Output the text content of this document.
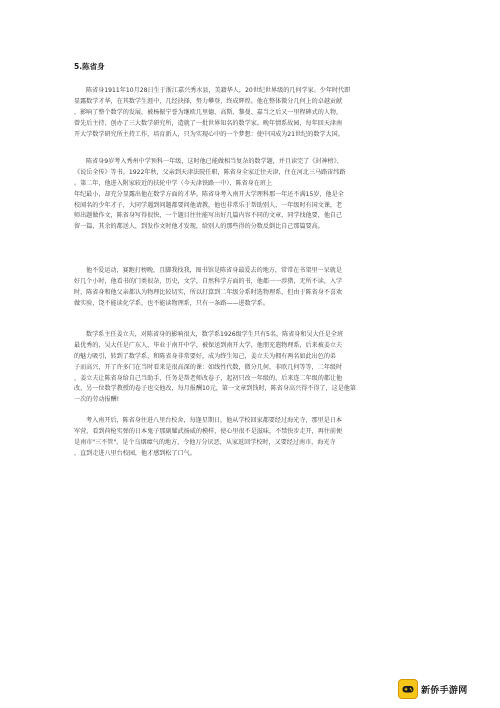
5.陈省身
陈省身1911年10月28日生于浙江嘉兴秀水县，美籍华人，20世纪世界级的几何学家。少年时代即
显露数学才华，在其数学生涯中，几经抉择，努力攀登，终成辉煌。他在整体微分几何上的卓越贡献
，影响了整个数学的发展，被杨振宁誉为继欧几里德、高斯、黎曼、嘉当之后又一里程碑式的人物，
曾先后主持、创办了三大数学研究所，造就了一批世界知名的数学家。晚年情系故园，每年回天津南
开大学数学研究所主持工作，培育新人，只为实现心中的一个梦想：使中国成为21世纪的数学大国。
陈省身9岁考入秀州中学预科一年级，这时他已能做相当复杂的数学题，并且读完了《封神榜》、
《说岳全传》等书。1922年秋，父亲到天津法院任职，陈省身全家迁往天津，住在河北三马路宙纬路
。第二年，他进入附家较近的扶轮中学（今天津铁路一中），陈省身在班上
年纪最小，却充分显露出他在数学方面的才华。陈省身考入南开大学理科那一年还不满15岁，他是全
校闻名的少年才子，大同学遇到问题都要问他请教，他也非常乐于帮助别人，一年级时有国文课，老
师出题做作文，陈省身写得很快，一个题目往往能写出好几篇内容不同的文章，同学找他要，他自己
留一篇，其余的都送人，到发作文时他才发现，给别人的那些得的分数反倒比自己那篇要高。
他不爱运动，赛跑打榜晚，且脚我找我，图书馆是陈省身最爱去的地方，常常在书架里一呆就是
好几个小时，他看书的门类很杂，历史，文学，自然科学方面的书，他都一一涉猎，无所不读，入学
时，陈省身和他父亲都认为物理比较切实，所以打算到二年级分系时选物理系，但由于陈省身不喜欢
做实验，饶不能读化学系，也不能读物理系，只有一条路——进数学系。
数学系主任姜立夫，对陈省身的影响很大，数学系1926级学生只有5名，陈省身和吴大任是全班
最优秀的，吴大任是广东人，毕业于南开中学，被保送到南开大学，他朋充遣物理系，后来被姜立夫
的魅力吸引，转到了数学系，和陈省身非常要好，成为终生知己，姜立夫为拥有两名如此出色的弟
子而高兴，开了许多门在当时看来是很高深的课：如线性代数，微分几何，非欧几何等等，二年级时
，姜立夫让陈省身给自己当助手，任务是帮老师改卷子，起初只改一年级的，后来连二年级的都让他
改，另一位数学教授的卷子也交他改，每月报酬10元，第一文章到钱时，陈省身高兴得不得了，这是他第
一次的劳动报酬!
考入南开后，陈省身住进八里台校舍，每逢星期日，他从学校回家都要经过海光寺，那里是日本
军营，看到荷枪实弹的日本鬼子那副耀武扬威的模样，使心里很不是滋味，不禁快步走开，再往前便
是南市"三不管"，是个乌烟瘴气的地方，令他万分厌恶，从家返回学校时，又要经过南市，海光寺
，直到走进八里台校园，他才感到松了口气。
新侨手游网
